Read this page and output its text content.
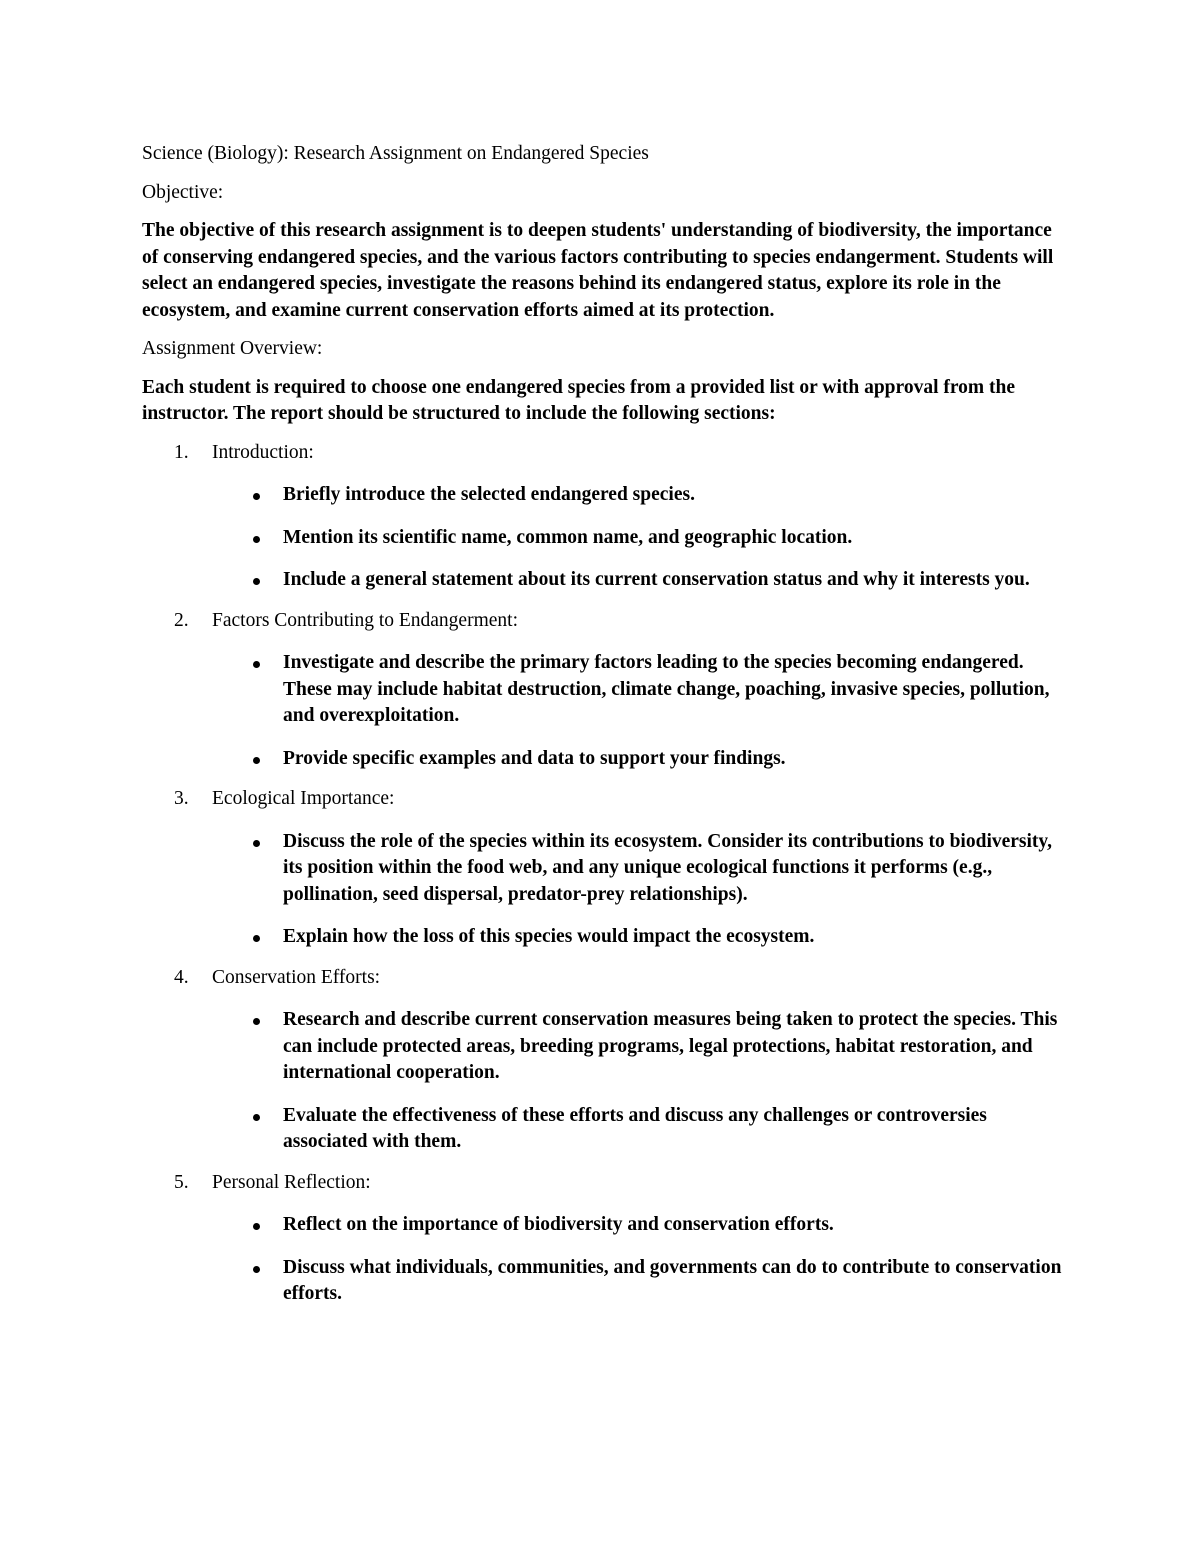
Science (Biology): Research Assignment on Endangered Species
Objective:
The objective of this research assignment is to deepen students' understanding of biodiversity, the importance of conserving endangered species, and the various factors contributing to species endangerment. Students will select an endangered species, investigate the reasons behind its endangered status, explore its role in the ecosystem, and examine current conservation efforts aimed at its protection.
Assignment Overview:
Each student is required to choose one endangered species from a provided list or with approval from the instructor. The report should be structured to include the following sections:
1.	Introduction:
Briefly introduce the selected endangered species.
Mention its scientific name, common name, and geographic location.
Include a general statement about its current conservation status and why it interests you.
2.	Factors Contributing to Endangerment:
Investigate and describe the primary factors leading to the species becoming endangered. These may include habitat destruction, climate change, poaching, invasive species, pollution, and overexploitation.
Provide specific examples and data to support your findings.
3.	Ecological Importance:
Discuss the role of the species within its ecosystem. Consider its contributions to biodiversity, its position within the food web, and any unique ecological functions it performs (e.g., pollination, seed dispersal, predator-prey relationships).
Explain how the loss of this species would impact the ecosystem.
4.	Conservation Efforts:
Research and describe current conservation measures being taken to protect the species. This can include protected areas, breeding programs, legal protections, habitat restoration, and international cooperation.
Evaluate the effectiveness of these efforts and discuss any challenges or controversies associated with them.
5.	Personal Reflection:
Reflect on the importance of biodiversity and conservation efforts.
Discuss what individuals, communities, and governments can do to contribute to conservation efforts.
